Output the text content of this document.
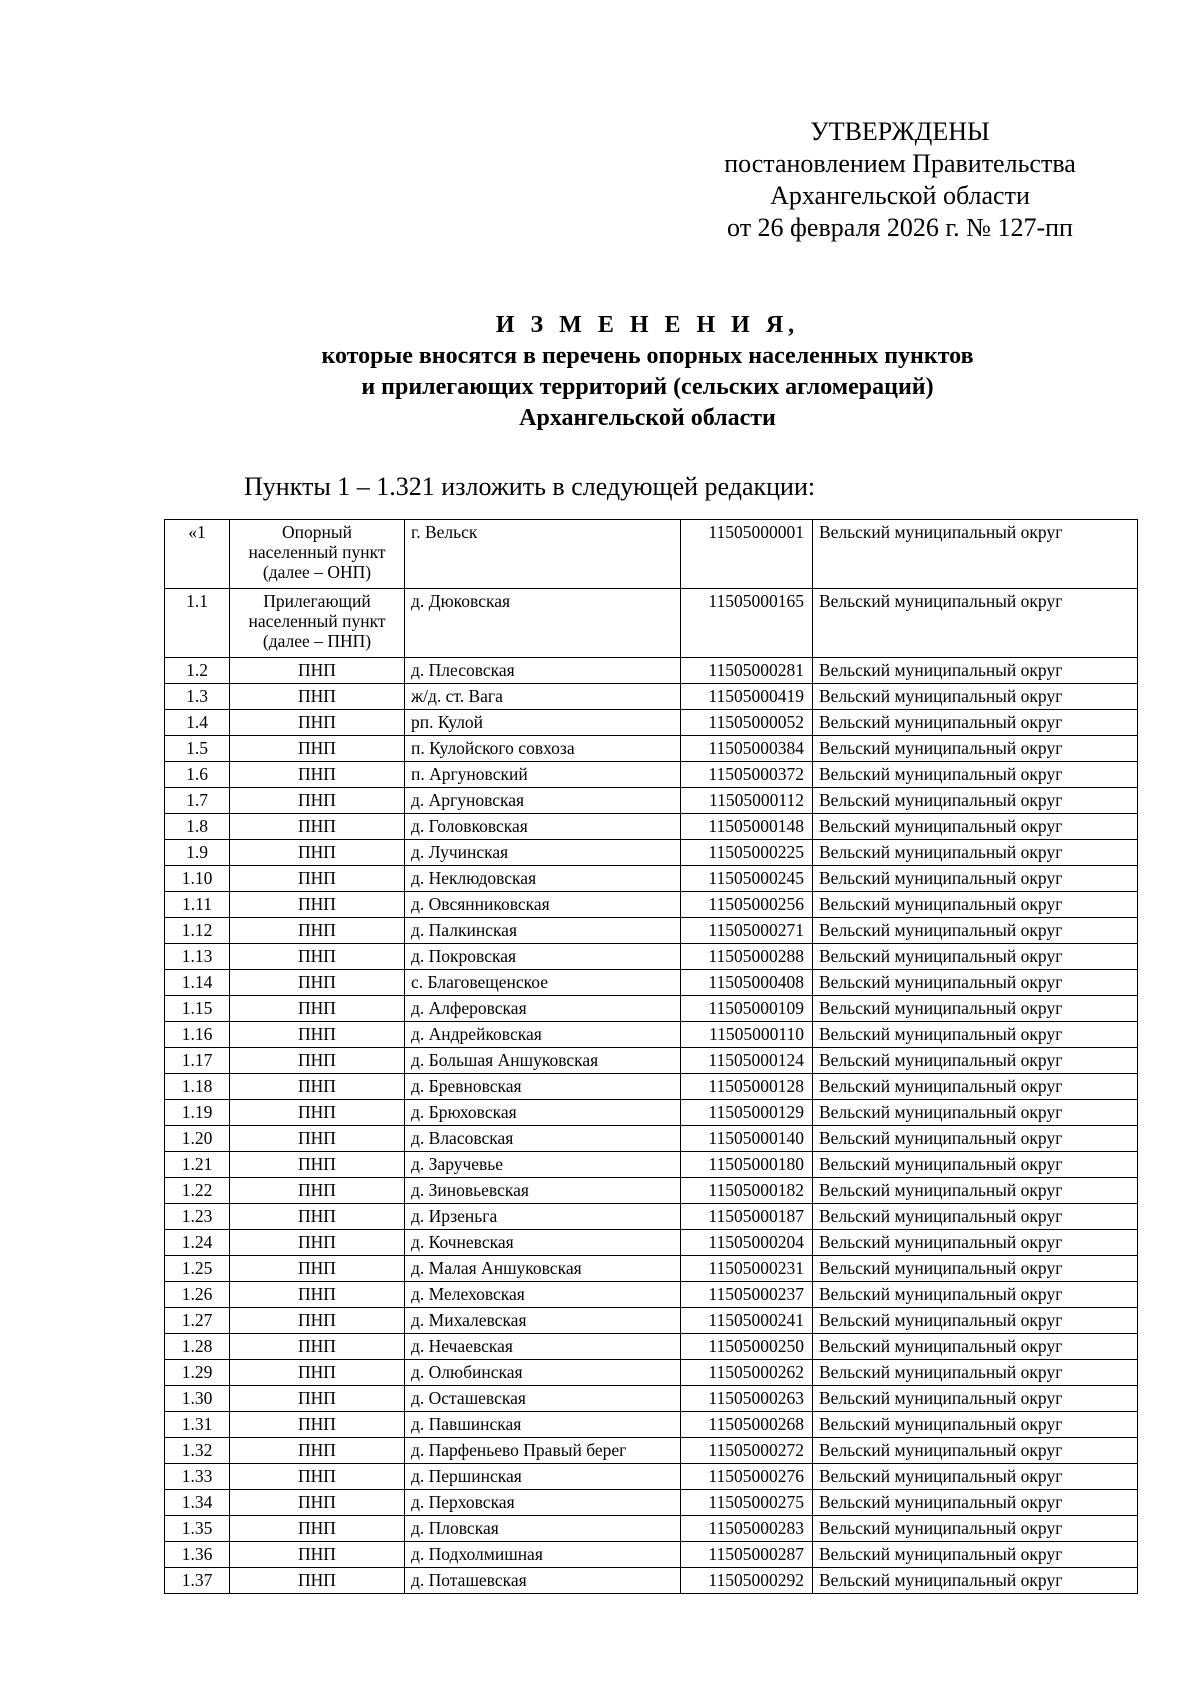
УТВЕРЖДЕНЫ
постановлением Правительства
Архангельской области
от 26 февраля 2026 г. № 127-пп
И З М Е Н Е Н И Я,
которые вносятся в перечень опорных населенных пунктов
и прилегающих территорий (сельских агломераций)
Архангельской области
Пункты 1 – 1.321 изложить в следующей редакции:
«1	Опорный населенный пункт (далее – ОНП)	г. Вельск	11505000001	Вельский муниципальный округ
1.1	Прилегающий населенный пункт (далее – ПНП)	д. Дюковская	11505000165	Вельский муниципальный округ
1.2	ПНП	д. Плесовская	11505000281	Вельский муниципальный округ
1.3	ПНП	ж/д. ст. Вага	11505000419	Вельский муниципальный округ
1.4	ПНП	рп. Кулой	11505000052	Вельский муниципальный округ
1.5	ПНП	п. Кулойского совхоза	11505000384	Вельский муниципальный округ
1.6	ПНП	п. Аргуновский	11505000372	Вельский муниципальный округ
1.7	ПНП	д. Аргуновская	11505000112	Вельский муниципальный округ
1.8	ПНП	д. Головковская	11505000148	Вельский муниципальный округ
1.9	ПНП	д. Лучинская	11505000225	Вельский муниципальный округ
1.10	ПНП	д. Неклюдовская	11505000245	Вельский муниципальный округ
1.11	ПНП	д. Овсянниковская	11505000256	Вельский муниципальный округ
1.12	ПНП	д. Палкинская	11505000271	Вельский муниципальный округ
1.13	ПНП	д. Покровская	11505000288	Вельский муниципальный округ
1.14	ПНП	с. Благовещенское	11505000408	Вельский муниципальный округ
1.15	ПНП	д. Алферовская	11505000109	Вельский муниципальный округ
1.16	ПНП	д. Андрейковская	11505000110	Вельский муниципальный округ
1.17	ПНП	д. Большая Аншуковская	11505000124	Вельский муниципальный округ
1.18	ПНП	д. Бревновская	11505000128	Вельский муниципальный округ
1.19	ПНП	д. Брюховская	11505000129	Вельский муниципальный округ
1.20	ПНП	д. Власовская	11505000140	Вельский муниципальный округ
1.21	ПНП	д. Заручевье	11505000180	Вельский муниципальный округ
1.22	ПНП	д. Зиновьевская	11505000182	Вельский муниципальный округ
1.23	ПНП	д. Ирзеньга	11505000187	Вельский муниципальный округ
1.24	ПНП	д. Кочневская	11505000204	Вельский муниципальный округ
1.25	ПНП	д. Малая Аншуковская	11505000231	Вельский муниципальный округ
1.26	ПНП	д. Мелеховская	11505000237	Вельский муниципальный округ
1.27	ПНП	д. Михалевская	11505000241	Вельский муниципальный округ
1.28	ПНП	д. Нечаевская	11505000250	Вельский муниципальный округ
1.29	ПНП	д. Олюбинская	11505000262	Вельский муниципальный округ
1.30	ПНП	д. Осташевская	11505000263	Вельский муниципальный округ
1.31	ПНП	д. Павшинская	11505000268	Вельский муниципальный округ
1.32	ПНП	д. Парфеньево Правый берег	11505000272	Вельский муниципальный округ
1.33	ПНП	д. Першинская	11505000276	Вельский муниципальный округ
1.34	ПНП	д. Перховская	11505000275	Вельский муниципальный округ
1.35	ПНП	д. Пловская	11505000283	Вельский муниципальный округ
1.36	ПНП	д. Подхолмишная	11505000287	Вельский муниципальный округ
1.37	ПНП	д. Поташевская	11505000292	Вельский муниципальный округ
